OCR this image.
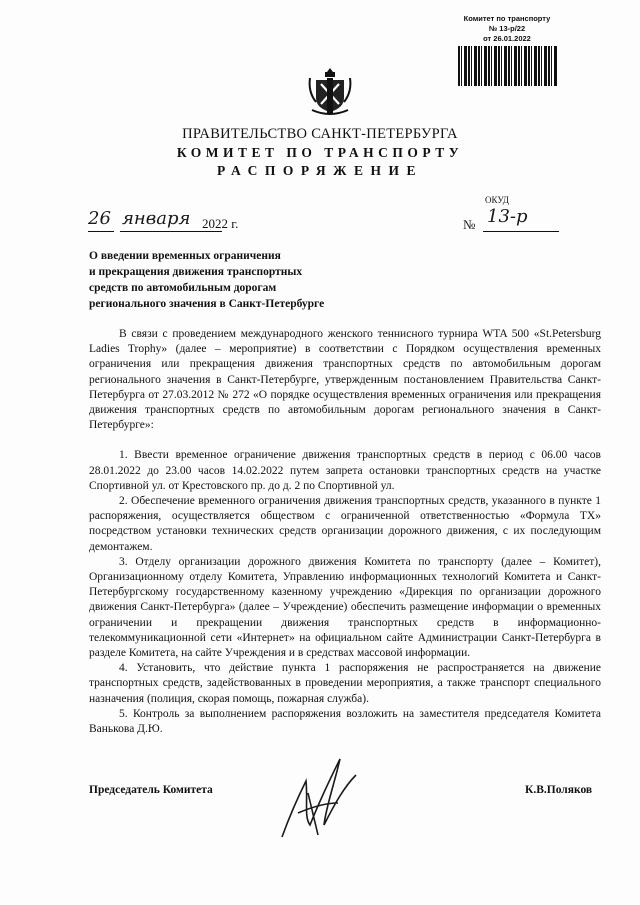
Комитет по транспорту
№ 13-р/22
от 26.01.2022
ПРАВИТЕЛЬСТВО САНКТ-ПЕТЕРБУРГА
КОМИТЕТ ПО ТРАНСПОРТУ
РАСПОРЯЖЕНИЕ
ОКУД
26 января 2022 г.	№ 13-р
О введении временных ограничения
и прекращения движения транспортных
средств по автомобильным дорогам
регионального значения в Санкт-Петербурге

В связи с проведением международного женского теннисного турнира WTA 500 «St.Petersburg Ladies Trophy» (далее – мероприятие) в соответствии с Порядком осуществления временных ограничения или прекращения движения транспортных средств по автомобильным дорогам регионального значения в Санкт-Петербурге, утвержденным постановлением Правительства Санкт-Петербурга от 27.03.2012 № 272 «О порядке осуществления временных ограничения или прекращения движения транспортных средств по автомобильным дорогам регионального значения в Санкт-Петербурге»:

1. Ввести временное ограничение движения транспортных средств в период с 06.00 часов 28.01.2022 до 23.00 часов 14.02.2022 путем запрета остановки транспортных средств на участке Спортивной ул. от Крестовского пр. до д. 2 по Спортивной ул.

2. Обеспечение временного ограничения движения транспортных средств, указанного в пункте 1 распоряжения, осуществляется обществом с ограниченной ответственностью «Формула ТХ» посредством установки технических средств организации дорожного движения, с их последующим демонтажем.

3. Отделу организации дорожного движения Комитета по транспорту (далее – Комитет), Организационному отделу Комитета, Управлению информационных технологий Комитета и Санкт-Петербургскому государственному казенному учреждению «Дирекция по организации дорожного движения Санкт-Петербурга» (далее – Учреждение) обеспечить размещение информации о временных ограничении и прекращении движения транспортных средств в информационно-телекоммуникационной сети «Интернет» на официальном сайте Администрации Санкт-Петербурга в разделе Комитета, на сайте Учреждения и в средствах массовой информации.

4. Установить, что действие пункта 1 распоряжения не распространяется на движение транспортных средств, задействованных в проведении мероприятия, а также транспорт специального назначения (полиция, скорая помощь, пожарная служба).

5. Контроль за выполнением распоряжения возложить на заместителя председателя Комитета Ванькова Д.Ю.

Председатель Комитета	К.В.Поляков
